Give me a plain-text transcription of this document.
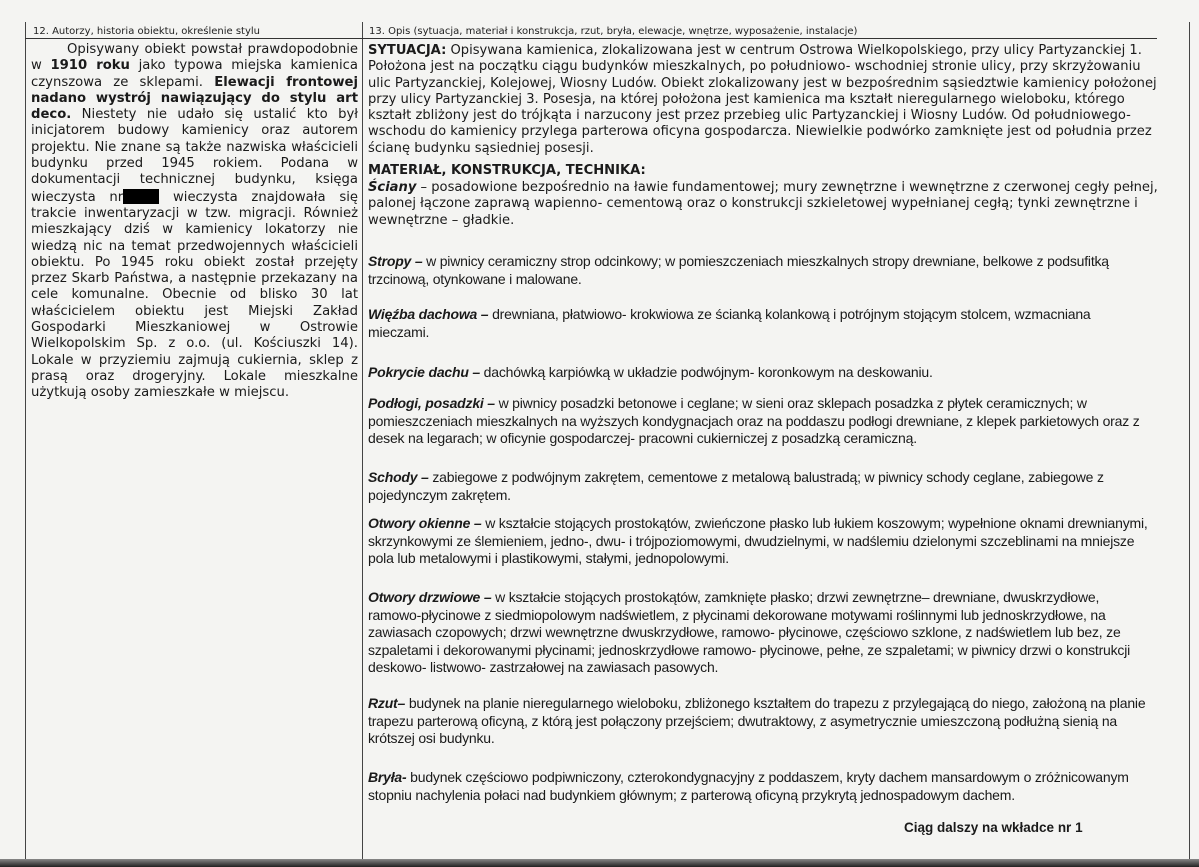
12. Autorzy, historia obiektu, określenie stylu	13. Opis (sytuacja, materiał i konstrukcja, rzut, bryła, elewacje, wnętrze, wyposażenie, instalacje)
Opisywany obiekt powstał prawdopodobnie w 1910 roku jako typowa miejska kamienica czynszowa ze sklepami. Elewacji frontowej nadano wystrój nawiązujący do stylu art deco. Niestety nie udało się ustalić kto był inicjatorem budowy kamienicy oraz autorem projektu. Nie znane są także nazwiska właścicieli budynku przed 1945 rokiem. Podana w dokumentacji technicznej budynku, księga wieczysta nr	wieczysta znajdowała się trakcie inwentaryzacji w tzw. migracji. Również mieszkający dziś w kamienicy lokatorzy nie wiedzą nic na temat przedwojennych właścicieli obiektu. Po 1945 roku obiekt został przejęty przez Skarb Państwa, a następnie przekazany na cele komunalne. Obecnie od blisko 30 lat właścicielem obiektu jest Miejski Zakład Gospodarki Mieszkaniowej w Ostrowie Wielkopolskim Sp. z o.o. (ul. Kościuszki 14). Lokale w przyziemiu zajmują cukiernia, sklep z prasą oraz drogeryjny. Lokale mieszkalne użytkują osoby zamieszkałe w miejscu.
SYTUACJA: Opisywana kamienica, zlokalizowana jest w centrum Ostrowa Wielkopolskiego, przy ulicy Partyzanckiej 1. Położona jest na początku ciągu budynków mieszkalnych, po południowo- wschodniej stronie ulicy, przy skrzyżowaniu ulic Partyzanckiej, Kolejowej, Wiosny Ludów. Obiekt zlokalizowany jest w bezpośrednim sąsiedztwie kamienicy położonej przy ulicy Partyzanckiej 3. Posesja, na której położona jest kamienica ma kształt nieregularnego wieloboku, którego kształt zbliżony jest do trójkąta i narzucony jest przez przebieg ulic Partyzanckiej i Wiosny Ludów. Od południowego- wschodu do kamienicy przylega parterowa oficyna gospodarcza. Niewielkie podwórko zamknięte jest od południa przez ścianę budynku sąsiedniej posesji.
MATERIAŁ, KONSTRUKCJA, TECHNIKA:
Ściany – posadowione bezpośrednio na ławie fundamentowej; mury zewnętrzne i wewnętrzne z czerwonej cegły pełnej, palonej łączone zaprawą wapienno- cementową oraz o konstrukcji szkieletowej wypełnianej cegłą; tynki zewnętrzne i wewnętrzne – gładkie.
Stropy – w piwnicy ceramiczny strop odcinkowy; w pomieszczeniach mieszkalnych stropy drewniane, belkowe z podsufitką trzcinową, otynkowane i malowane.
Więźba dachowa – drewniana, płatwiowo- krokwiowa ze ścianką kolankową i potrójnym stojącym stolcem, wzmacniana mieczami.
Pokrycie dachu – dachówką karpiówką w układzie podwójnym- koronkowym na deskowaniu.
Podłogi, posadzki – w piwnicy posadzki betonowe i ceglane; w sieni oraz sklepach posadzka z płytek ceramicznych; w pomieszczeniach mieszkalnych na wyższych kondygnacjach oraz na poddaszu podłogi drewniane, z klepek parkietowych oraz z desek na legarach; w oficynie gospodarczej- pracowni cukierniczej z posadzką ceramiczną.
Schody – zabiegowe z podwójnym zakrętem, cementowe z metalową balustradą; w piwnicy schody ceglane, zabiegowe z pojedynczym zakrętem.
Otwory okienne – w kształcie stojących prostokątów, zwieńczone płasko lub łukiem koszowym; wypełnione oknami drewnianymi, skrzynkowymi ze ślemieniem, jedno-, dwu- i trójpoziomowymi, dwudzielnymi, w nadślemiu dzielonymi szczeblinami na mniejsze pola lub metalowymi i plastikowymi, stałymi, jednopolowymi.
Otwory drzwiowe – w kształcie stojących prostokątów, zamknięte płasko; drzwi zewnętrzne– drewniane, dwuskrzydłowe, ramowo-płycinowe z siedmiopolowym nadświetlem, z płycinami dekorowane motywami roślinnymi lub jednoskrzydłowe, na zawiasach czopowych; drzwi wewnętrzne dwuskrzydłowe, ramowo- płycinowe, częściowo szklone, z nadświetlem lub bez, ze szpaletami i dekorowanymi płycinami; jednoskrzydłowe ramowo- płycinowe, pełne, ze szpaletami; w piwnicy drzwi o konstrukcji deskowo- listwowo- zastrzałowej na zawiasach pasowych.
Rzut– budynek na planie nieregularnego wieloboku, zbliżonego kształtem do trapezu z przylegającą do niego, założoną na planie trapezu parterową oficyną, z którą jest połączony przejściem; dwutraktowy, z asymetrycznie umieszczoną podłużną sienią na krótszej osi budynku.
Bryła- budynek częściowo podpiwniczony, czterokondygnacyjny z poddaszem, kryty dachem mansardowym o zróżnicowanym stopniu nachylenia połaci nad budynkiem głównym; z parterową oficyną przykrytą jednospadowym dachem.
Ciąg dalszy na wkładce nr 1
